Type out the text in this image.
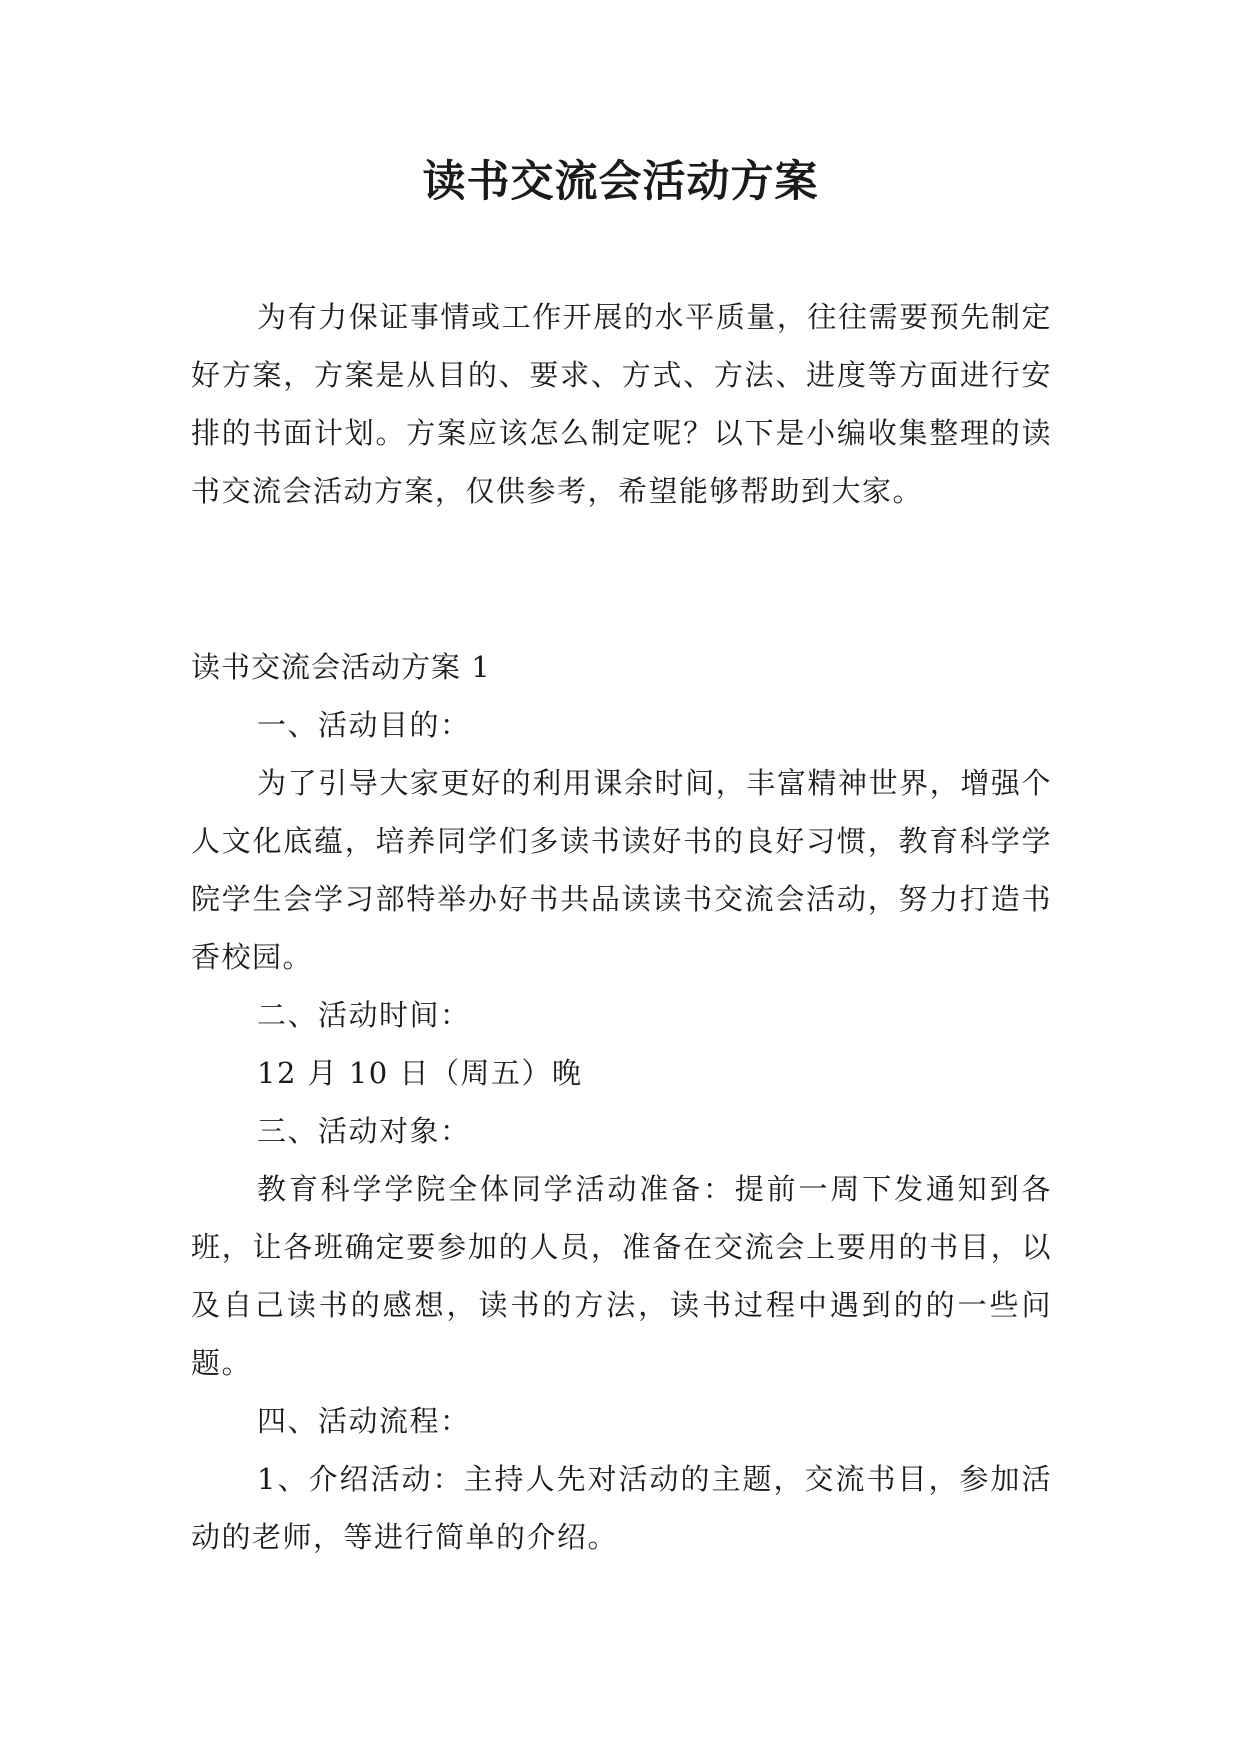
读书交流会活动方案

为有力保证事情或工作开展的水平质量，往往需要预先制定好方案，方案是从目的、要求、方式、方法、进度等方面进行安排的书面计划。方案应该怎么制定呢？以下是小编收集整理的读书交流会活动方案，仅供参考，希望能够帮助到大家。

读书交流会活动方案 1

一、活动目的：

为了引导大家更好的利用课余时间，丰富精神世界，增强个人文化底蕴，培养同学们多读书读好书的良好习惯，教育科学学院学生会学习部特举办好书共品读读书交流会活动，努力打造书香校园。

二、活动时间：

12 月 10 日（周五）晚

三、活动对象：

教育科学学院全体同学活动准备：提前一周下发通知到各班，让各班确定要参加的人员，准备在交流会上要用的书目，以及自己读书的感想，读书的方法，读书过程中遇到的的一些问题。

四、活动流程：

1、介绍活动：主持人先对活动的主题，交流书目，参加活动的老师，等进行简单的介绍。
